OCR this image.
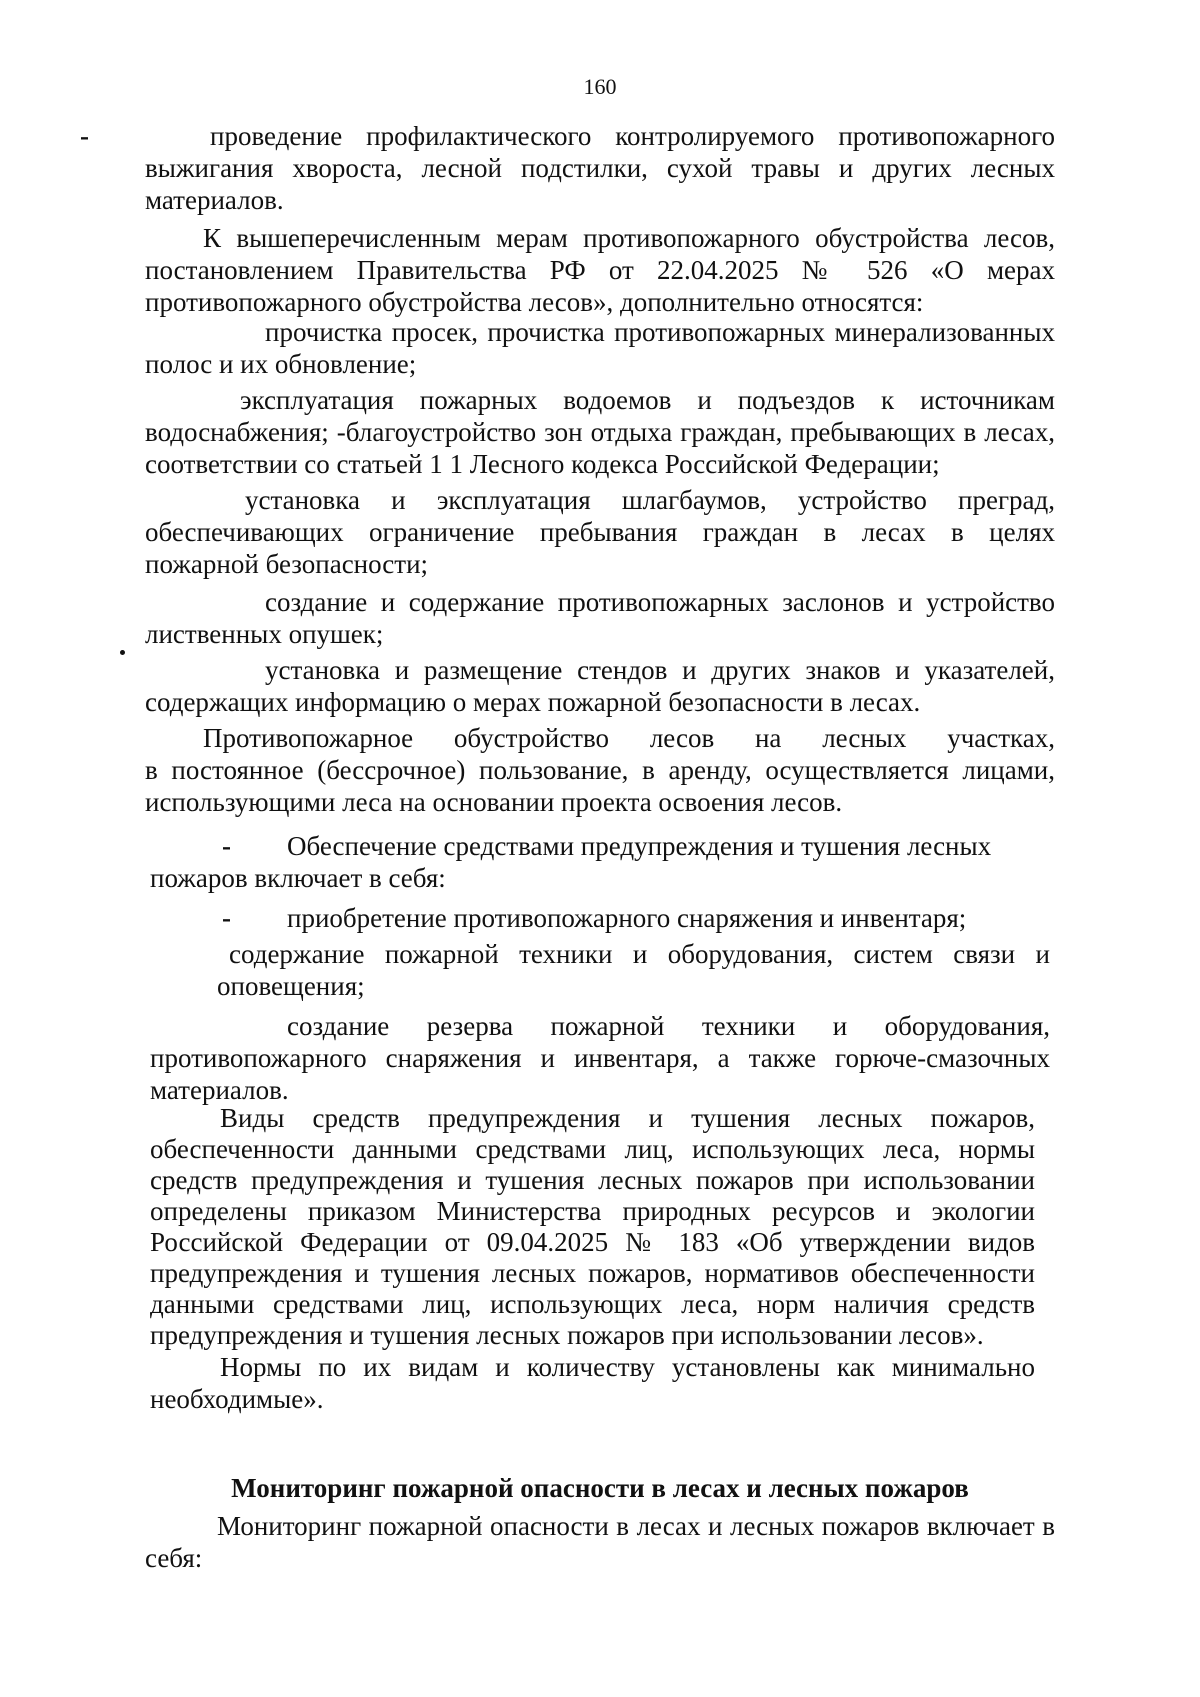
160
-	проведение профилактического контролируемого противопожарного
выжигания хвороста, лесной подстилки, сухой травы и других лесных
материалов.
К вышеперечисленным мерам противопожарного обустройства лесов,
постановлением Правительства РФ от 22.04.2025 № 526 «О мерах
противопожарного обустройства лесов», дополнительно относятся:
прочистка просек, прочистка противопожарных минерализованных
полос и их обновление;
эксплуатация пожарных водоемов и подъездов к источникам
водоснабжения; -благоустройство зон отдыха граждан, пребывающих в лесах,
соответствии со статьей 1 1 Лесного кодекса Российской Федерации;
установка и эксплуатация шлагбаумов, устройство преград,
обеспечивающих ограничение пребывания граждан в лесах в целях
пожарной безопасности;
создание и содержание противопожарных заслонов и устройство
лиственных опушек;
установка и размещение стендов и других знаков и указателей,
содержащих информацию о мерах пожарной безопасности в лесах.
Противопожарное обустройство лесов на лесных участках,
в постоянное (бессрочное) пользование, в аренду, осуществляется лицами,
использующими леса на основании проекта освоения лесов.
- Обеспечение средствами предупреждения и тушения лесных
пожаров включает в себя:
- приобретение противопожарного снаряжения и инвентаря;
содержание пожарной техники и оборудования, систем связи и
оповещения;
создание резерва пожарной техники и оборудования,
противопожарного снаряжения и инвентаря, а также горюче-смазочных
материалов.
Виды средств предупреждения и тушения лесных пожаров,
обеспеченности данными средствами лиц, использующих леса, нормы
средств предупреждения и тушения лесных пожаров при использовании
определены приказом Министерства природных ресурсов и экологии
Российской Федерации от 09.04.2025 № 183 «Об утверждении видов
предупреждения и тушения лесных пожаров, нормативов обеспеченности
данными средствами лиц, использующих леса, норм наличия средств
предупреждения и тушения лесных пожаров при использовании лесов».
Нормы по их видам и количеству установлены как минимально
необходимые».
Мониторинг пожарной опасности в лесах и лесных пожаров
Мониторинг пожарной опасности в лесах и лесных пожаров включает в
себя:
